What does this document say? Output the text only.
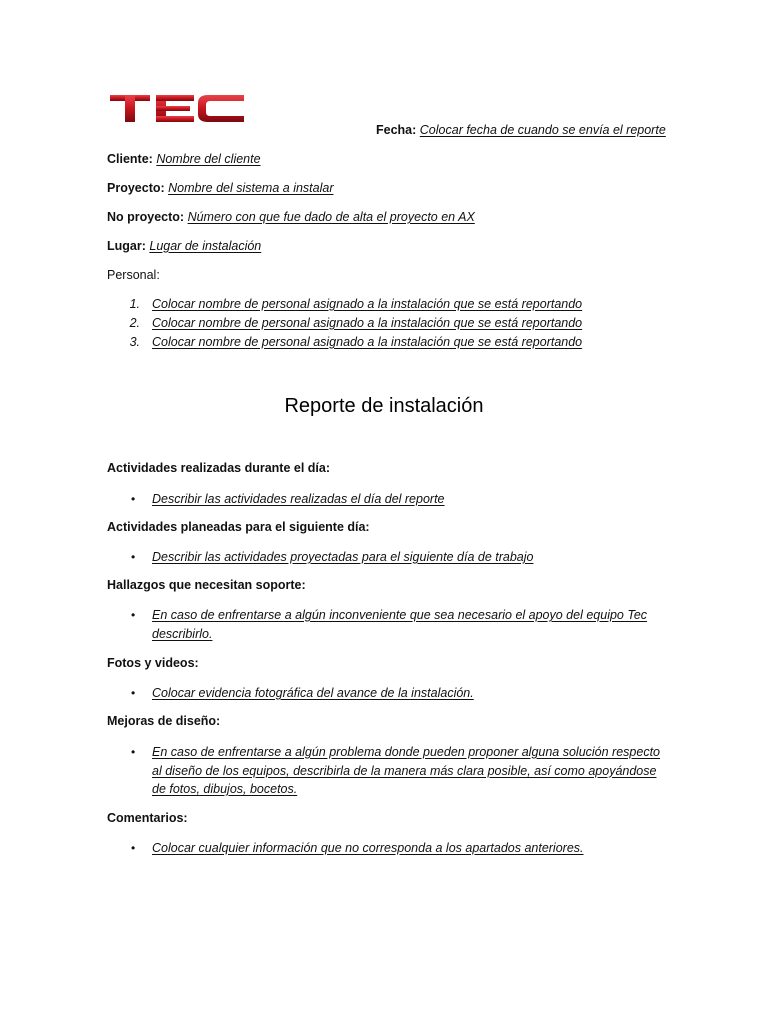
Fecha: Colocar fecha de cuando se envía el reporte
Cliente: Nombre del cliente
Proyecto: Nombre del sistema a instalar
No proyecto: Número con que fue dado de alta el proyecto en AX
Lugar: Lugar de instalación
Personal:
1. Colocar nombre de personal asignado a la instalación que se está reportando
2. Colocar nombre de personal asignado a la instalación que se está reportando
3. Colocar nombre de personal asignado a la instalación que se está reportando
Reporte de instalación
Actividades realizadas durante el día:
• Describir las actividades realizadas el día del reporte
Actividades planeadas para el siguiente día:
• Describir las actividades proyectadas para el siguiente día de trabajo
Hallazgos que necesitan soporte:
• En caso de enfrentarse a algún inconveniente que sea necesario el apoyo del equipo Tec
describirlo.
Fotos y videos:
• Colocar evidencia fotográfica del avance de la instalación.
Mejoras de diseño:
• En caso de enfrentarse a algún problema donde pueden proponer alguna solución respecto
al diseño de los equipos, describirla de la manera más clara posible, así como apoyándose
de fotos, dibujos, bocetos.
Comentarios:
• Colocar cualquier información que no corresponda a los apartados anteriores.
